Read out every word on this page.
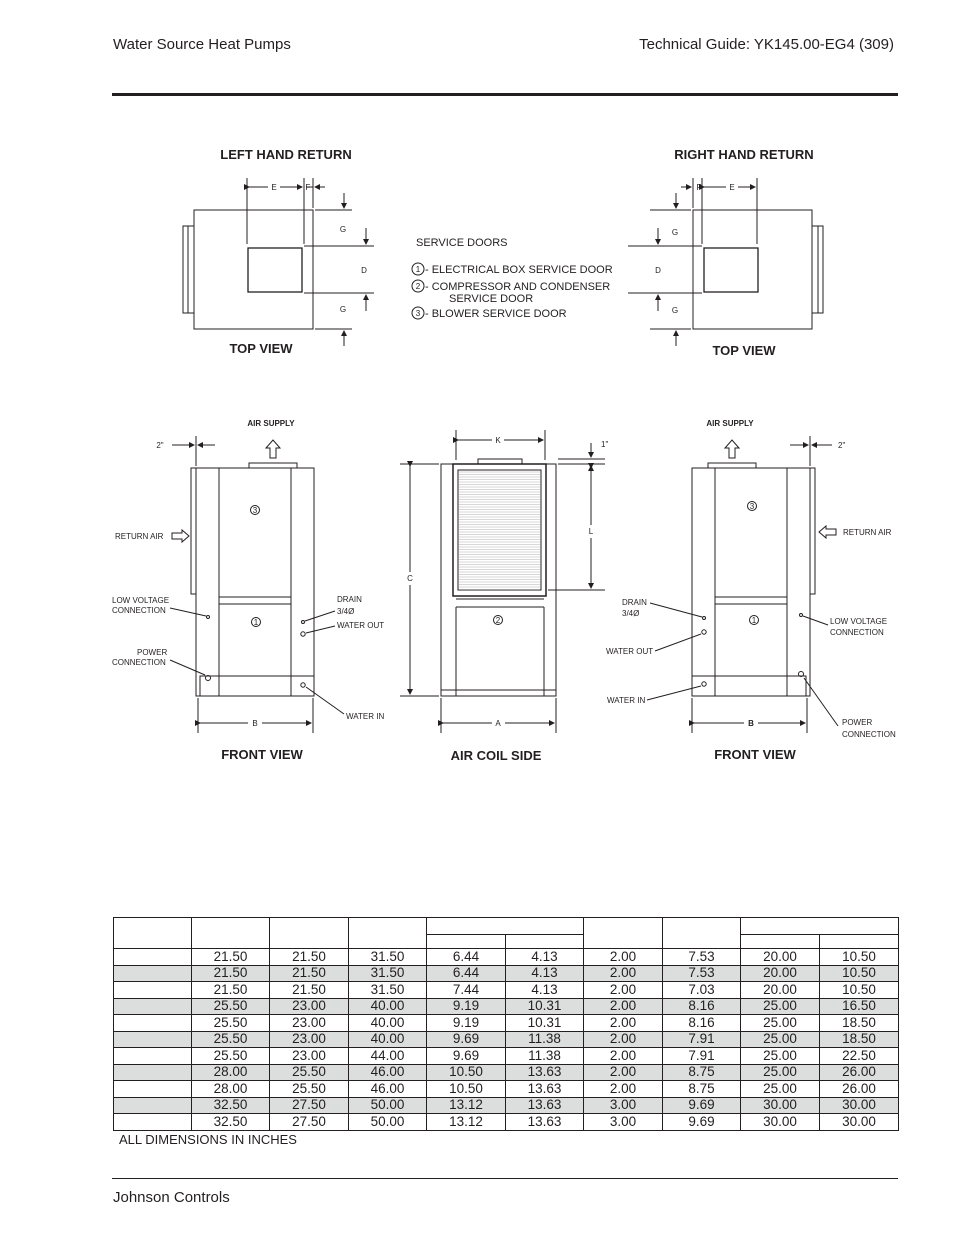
Water Source Heat Pumps	Technical Guide: YK145.00-EG4 (309)
LEFT HAND RETURN
E	F
G
D
G
TOP VIEW
SERVICE DOORS
1 - ELECTRICAL BOX SERVICE DOOR
2 - COMPRESSOR AND CONDENSER
SERVICE DOOR
3 - BLOWER SERVICE DOOR
RIGHT HAND RETURN
F	E
G
D
G
TOP VIEW
AIR SUPPLY
2"
3
1
RETURN AIR
LOW VOLTAGE
CONNECTION
POWER
CONNECTION
DRAIN
3/4Ø
WATER OUT
WATER IN
B
FRONT VIEW
2
K	1"
L
C
A
AIR COIL SIDE
AIR SUPPLY
2"
3
1
RETURN AIR
DRAIN
3/4Ø
WATER OUT
WATER IN
LOW VOLTAGE
CONNECTION
POWER
CONNECTION
B
FRONT VIEW

	21.50	21.50	31.50	6.44	4.13	2.00	7.53	20.00	10.50
	21.50	21.50	31.50	6.44	4.13	2.00	7.53	20.00	10.50
	21.50	21.50	31.50	7.44	4.13	2.00	7.03	20.00	10.50
	25.50	23.00	40.00	9.19	10.31	2.00	8.16	25.00	16.50
	25.50	23.00	40.00	9.19	10.31	2.00	8.16	25.00	18.50
	25.50	23.00	40.00	9.69	11.38	2.00	7.91	25.00	18.50
	25.50	23.00	44.00	9.69	11.38	2.00	7.91	25.00	22.50
	28.00	25.50	46.00	10.50	13.63	2.00	8.75	25.00	26.00
	28.00	25.50	46.00	10.50	13.63	2.00	8.75	25.00	26.00
	32.50	27.50	50.00	13.12	13.63	3.00	9.69	30.00	30.00
	32.50	27.50	50.00	13.12	13.63	3.00	9.69	30.00	30.00
ALL DIMENSIONS IN INCHES
Johnson Controls
